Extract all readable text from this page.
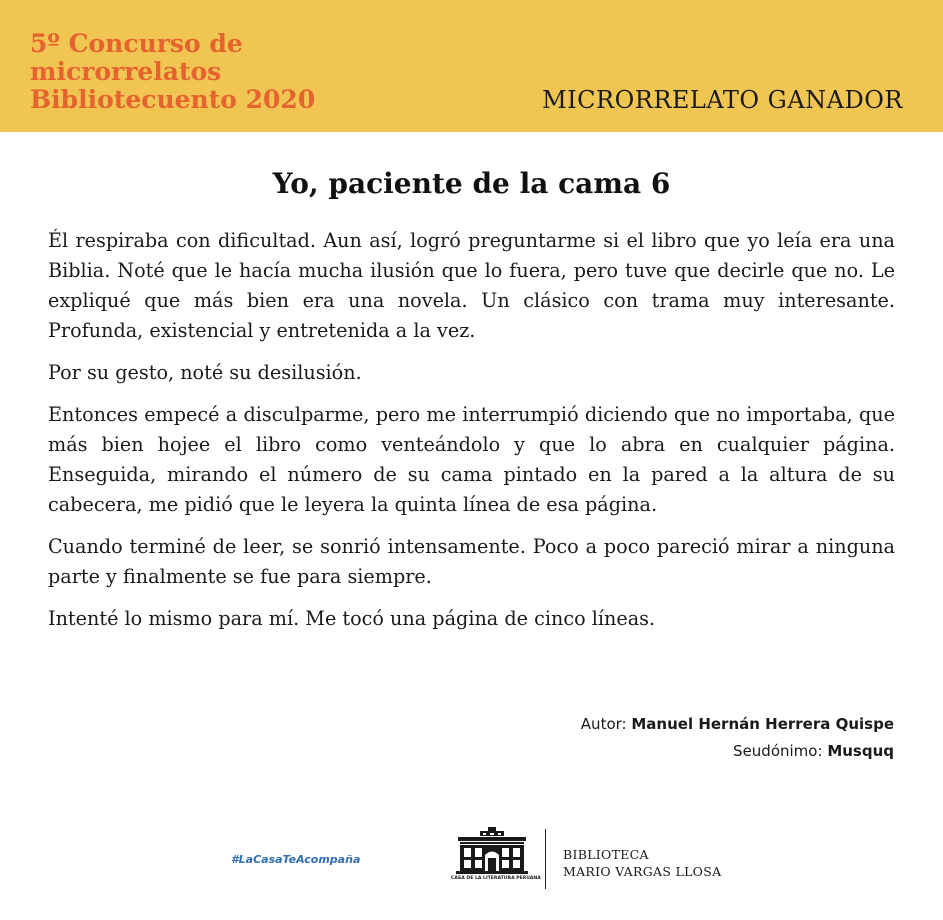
5º Concurso de
microrrelatos
Bibliotecuento 2020	MICRORRELATO GANADOR
Yo, paciente de la cama 6

Él respiraba con dificultad. Aun así, logró preguntarme si el libro que yo leía era una Biblia. Noté que le hacía mucha ilusión que lo fuera, pero tuve que decirle que no. Le expliqué que más bien era una novela. Un clásico con trama muy interesante. Profunda, existencial y entretenida a la vez.

Por su gesto, noté su desilusión.

Entonces empecé a disculparme, pero me interrumpió diciendo que no importaba, que más bien hojee el libro como venteándolo y que lo abra en cualquier página. Enseguida, mirando el número de su cama pintado en la pared a la altura de su cabecera, me pidió que le leyera la quinta línea de esa página.

Cuando terminé de leer, se sonrió intensamente. Poco a poco pareció mirar a ninguna parte y finalmente se fue para siempre.

Intenté lo mismo para mí. Me tocó una página de cinco líneas.

Autor: Manuel Hernán Herrera Quispe
Seudónimo: Musquq
#LaCasaTeAcompaña
CASA DE LA LITERATURA PERUANA
BIBLIOTECA
MARIO VARGAS LLOSA
